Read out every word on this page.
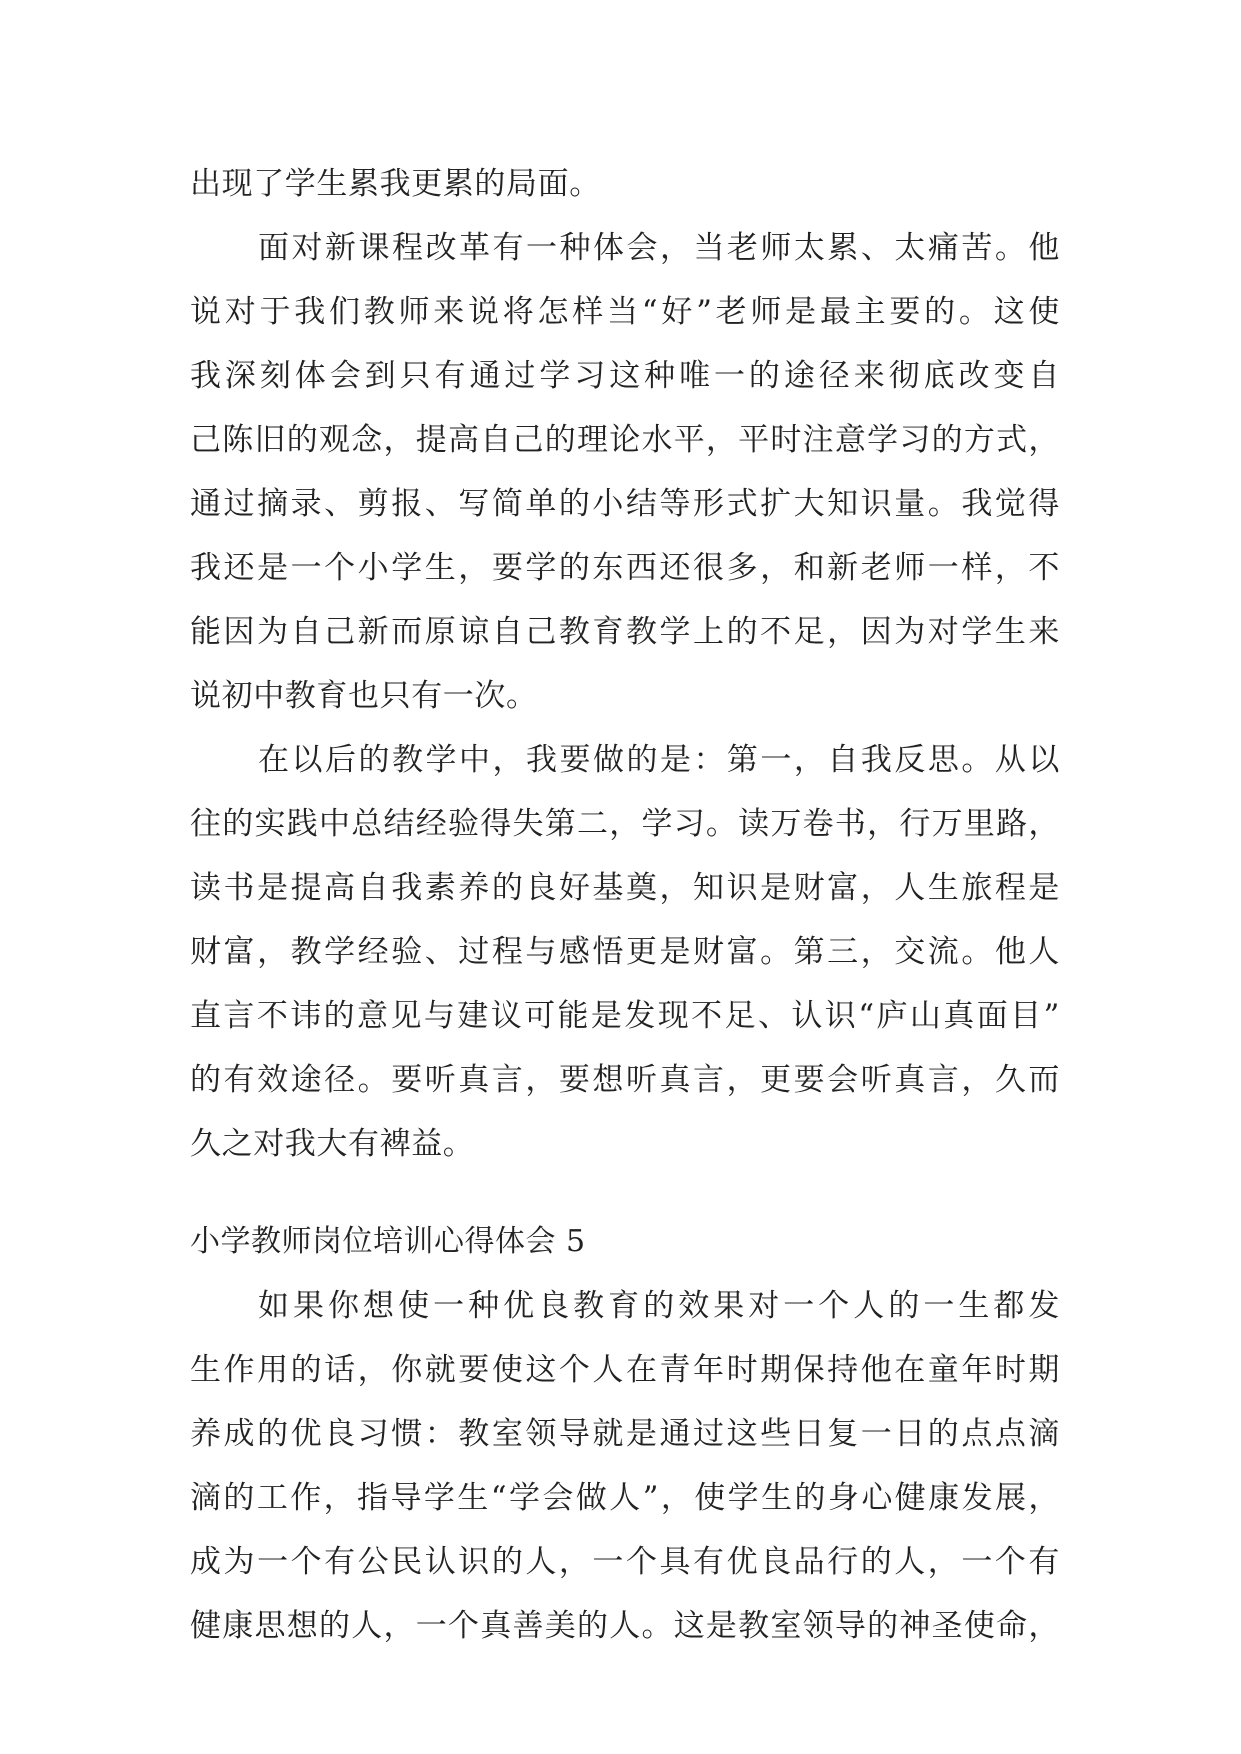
出现了学生累我更累的局面。
面对新课程改革有一种体会，当老师太累、太痛苦。他
说对于我们教师来说将怎样当“好”老师是最主要的。这使
我深刻体会到只有通过学习这种唯一的途径来彻底改变自
己陈旧的观念，提高自己的理论水平，平时注意学习的方式，
通过摘录、剪报、写简单的小结等形式扩大知识量。我觉得
我还是一个小学生，要学的东西还很多，和新老师一样，不
能因为自己新而原谅自己教育教学上的不足，因为对学生来
说初中教育也只有一次。
在以后的教学中，我要做的是：第一，自我反思。从以
往的实践中总结经验得失第二，学习。读万卷书，行万里路，
读书是提高自我素养的良好基奠，知识是财富，人生旅程是
财富，教学经验、过程与感悟更是财富。第三，交流。他人
直言不讳的意见与建议可能是发现不足、认识“庐山真面目”
的有效途径。要听真言，要想听真言，更要会听真言，久而
久之对我大有裨益。
小学教师岗位培训心得体会 5
如果你想使一种优良教育的效果对一个人的一生都发
生作用的话，你就要使这个人在青年时期保持他在童年时期
养成的优良习惯：教室领导就是通过这些日复一日的点点滴
滴的工作，指导学生“学会做人”，使学生的身心健康发展，
成为一个有公民认识的人，一个具有优良品行的人，一个有
健康思想的人，一个真善美的人。这是教室领导的神圣使命，
